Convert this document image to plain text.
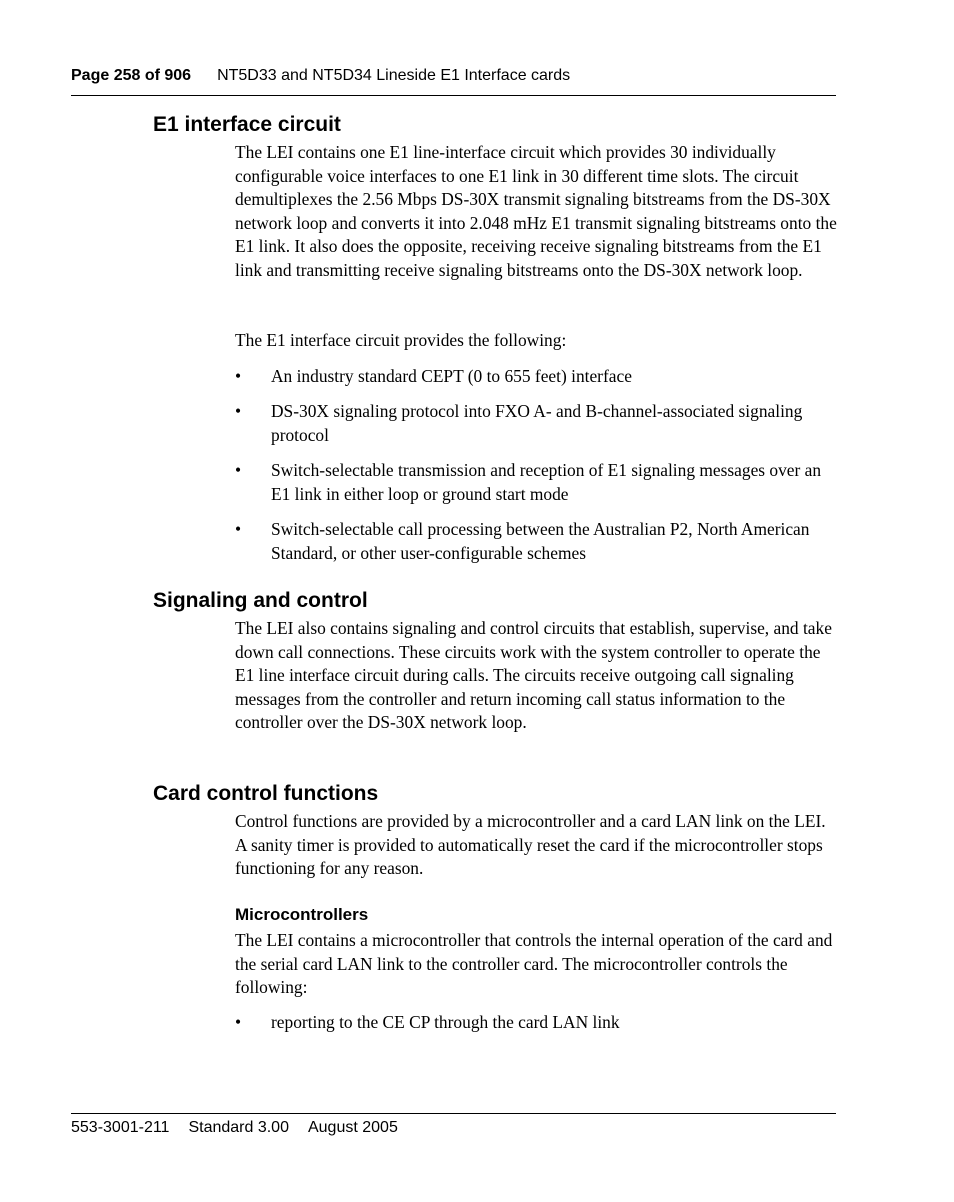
Page 258 of 906 NT5D33 and NT5D34 Lineside E1 Interface cards
E1 interface circuit

The LEI contains one E1 line-interface circuit which provides 30 individually configurable voice interfaces to one E1 link in 30 different time slots. The circuit demultiplexes the 2.56 Mbps DS-30X transmit signaling bitstreams from the DS-30X network loop and converts it into 2.048 mHz E1 transmit signaling bitstreams onto the E1 link. It also does the opposite, receiving receive signaling bitstreams from the E1 link and transmitting receive signaling bitstreams onto the DS-30X network loop.

The E1 interface circuit provides the following:

• An industry standard CEPT (0 to 655 feet) interface
• DS-30X signaling protocol into FXO A- and B-channel-associated signaling protocol
• Switch-selectable transmission and reception of E1 signaling messages over an E1 link in either loop or ground start mode
• Switch-selectable call processing between the Australian P2, North American Standard, or other user-configurable schemes
Signaling and control

The LEI also contains signaling and control circuits that establish, supervise, and take down call connections. These circuits work with the system controller to operate the E1 line interface circuit during calls. The circuits receive outgoing call signaling messages from the controller and return incoming call status information to the controller over the DS-30X network loop.

Card control functions

Control functions are provided by a microcontroller and a card LAN link on the LEI. A sanity timer is provided to automatically reset the card if the microcontroller stops functioning for any reason.

Microcontrollers

The LEI contains a microcontroller that controls the internal operation of the card and the serial card LAN link to the controller card. The microcontroller controls the following:

• reporting to the CE CP through the card LAN link
553-3001-211 Standard 3.00 August 2005
